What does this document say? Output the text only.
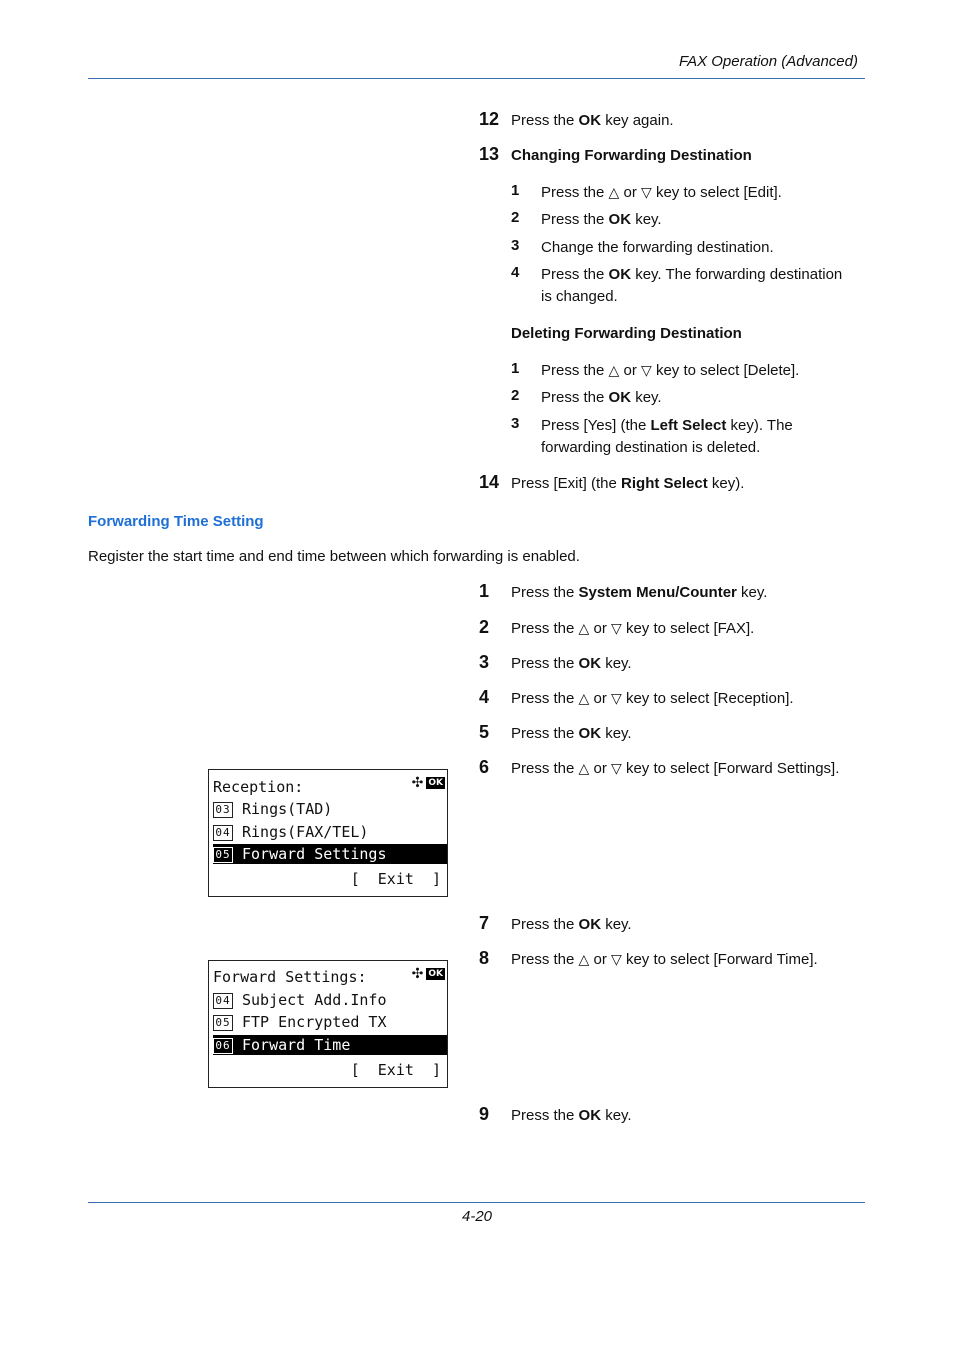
FAX Operation (Advanced)
12 Press the OK key again.
13 Changing Forwarding Destination
1 Press the △ or ▽ key to select [Edit].
2 Press the OK key.
3 Change the forwarding destination.
4 Press the OK key. The forwarding destination
is changed.
Deleting Forwarding Destination
1 Press the △ or ▽ key to select [Delete].
2 Press the OK key.
3 Press [Yes] (the Left Select key). The
forwarding destination is deleted.
14 Press [Exit] (the Right Select key).
Forwarding Time Setting
Register the start time and end time between which forwarding is enabled.
1 Press the System Menu/Counter key.
2 Press the △ or ▽ key to select [FAX].
3 Press the OK key.
4 Press the △ or ▽ key to select [Reception].
5 Press the OK key.
6 Press the △ or ▽ key to select [Forward Settings].
7 Press the OK key.
8 Press the △ or ▽ key to select [Forward Time].
9 Press the OK key.
Reception:	✣ OK
03 Rings(TAD)
04 Rings(FAX/TEL)
05 Forward Settings
[  Exit  ]
Forward Settings:	✣ OK
04 Subject Add.Info
05 FTP Encrypted TX
06 Forward Time
[  Exit  ]
4-20
